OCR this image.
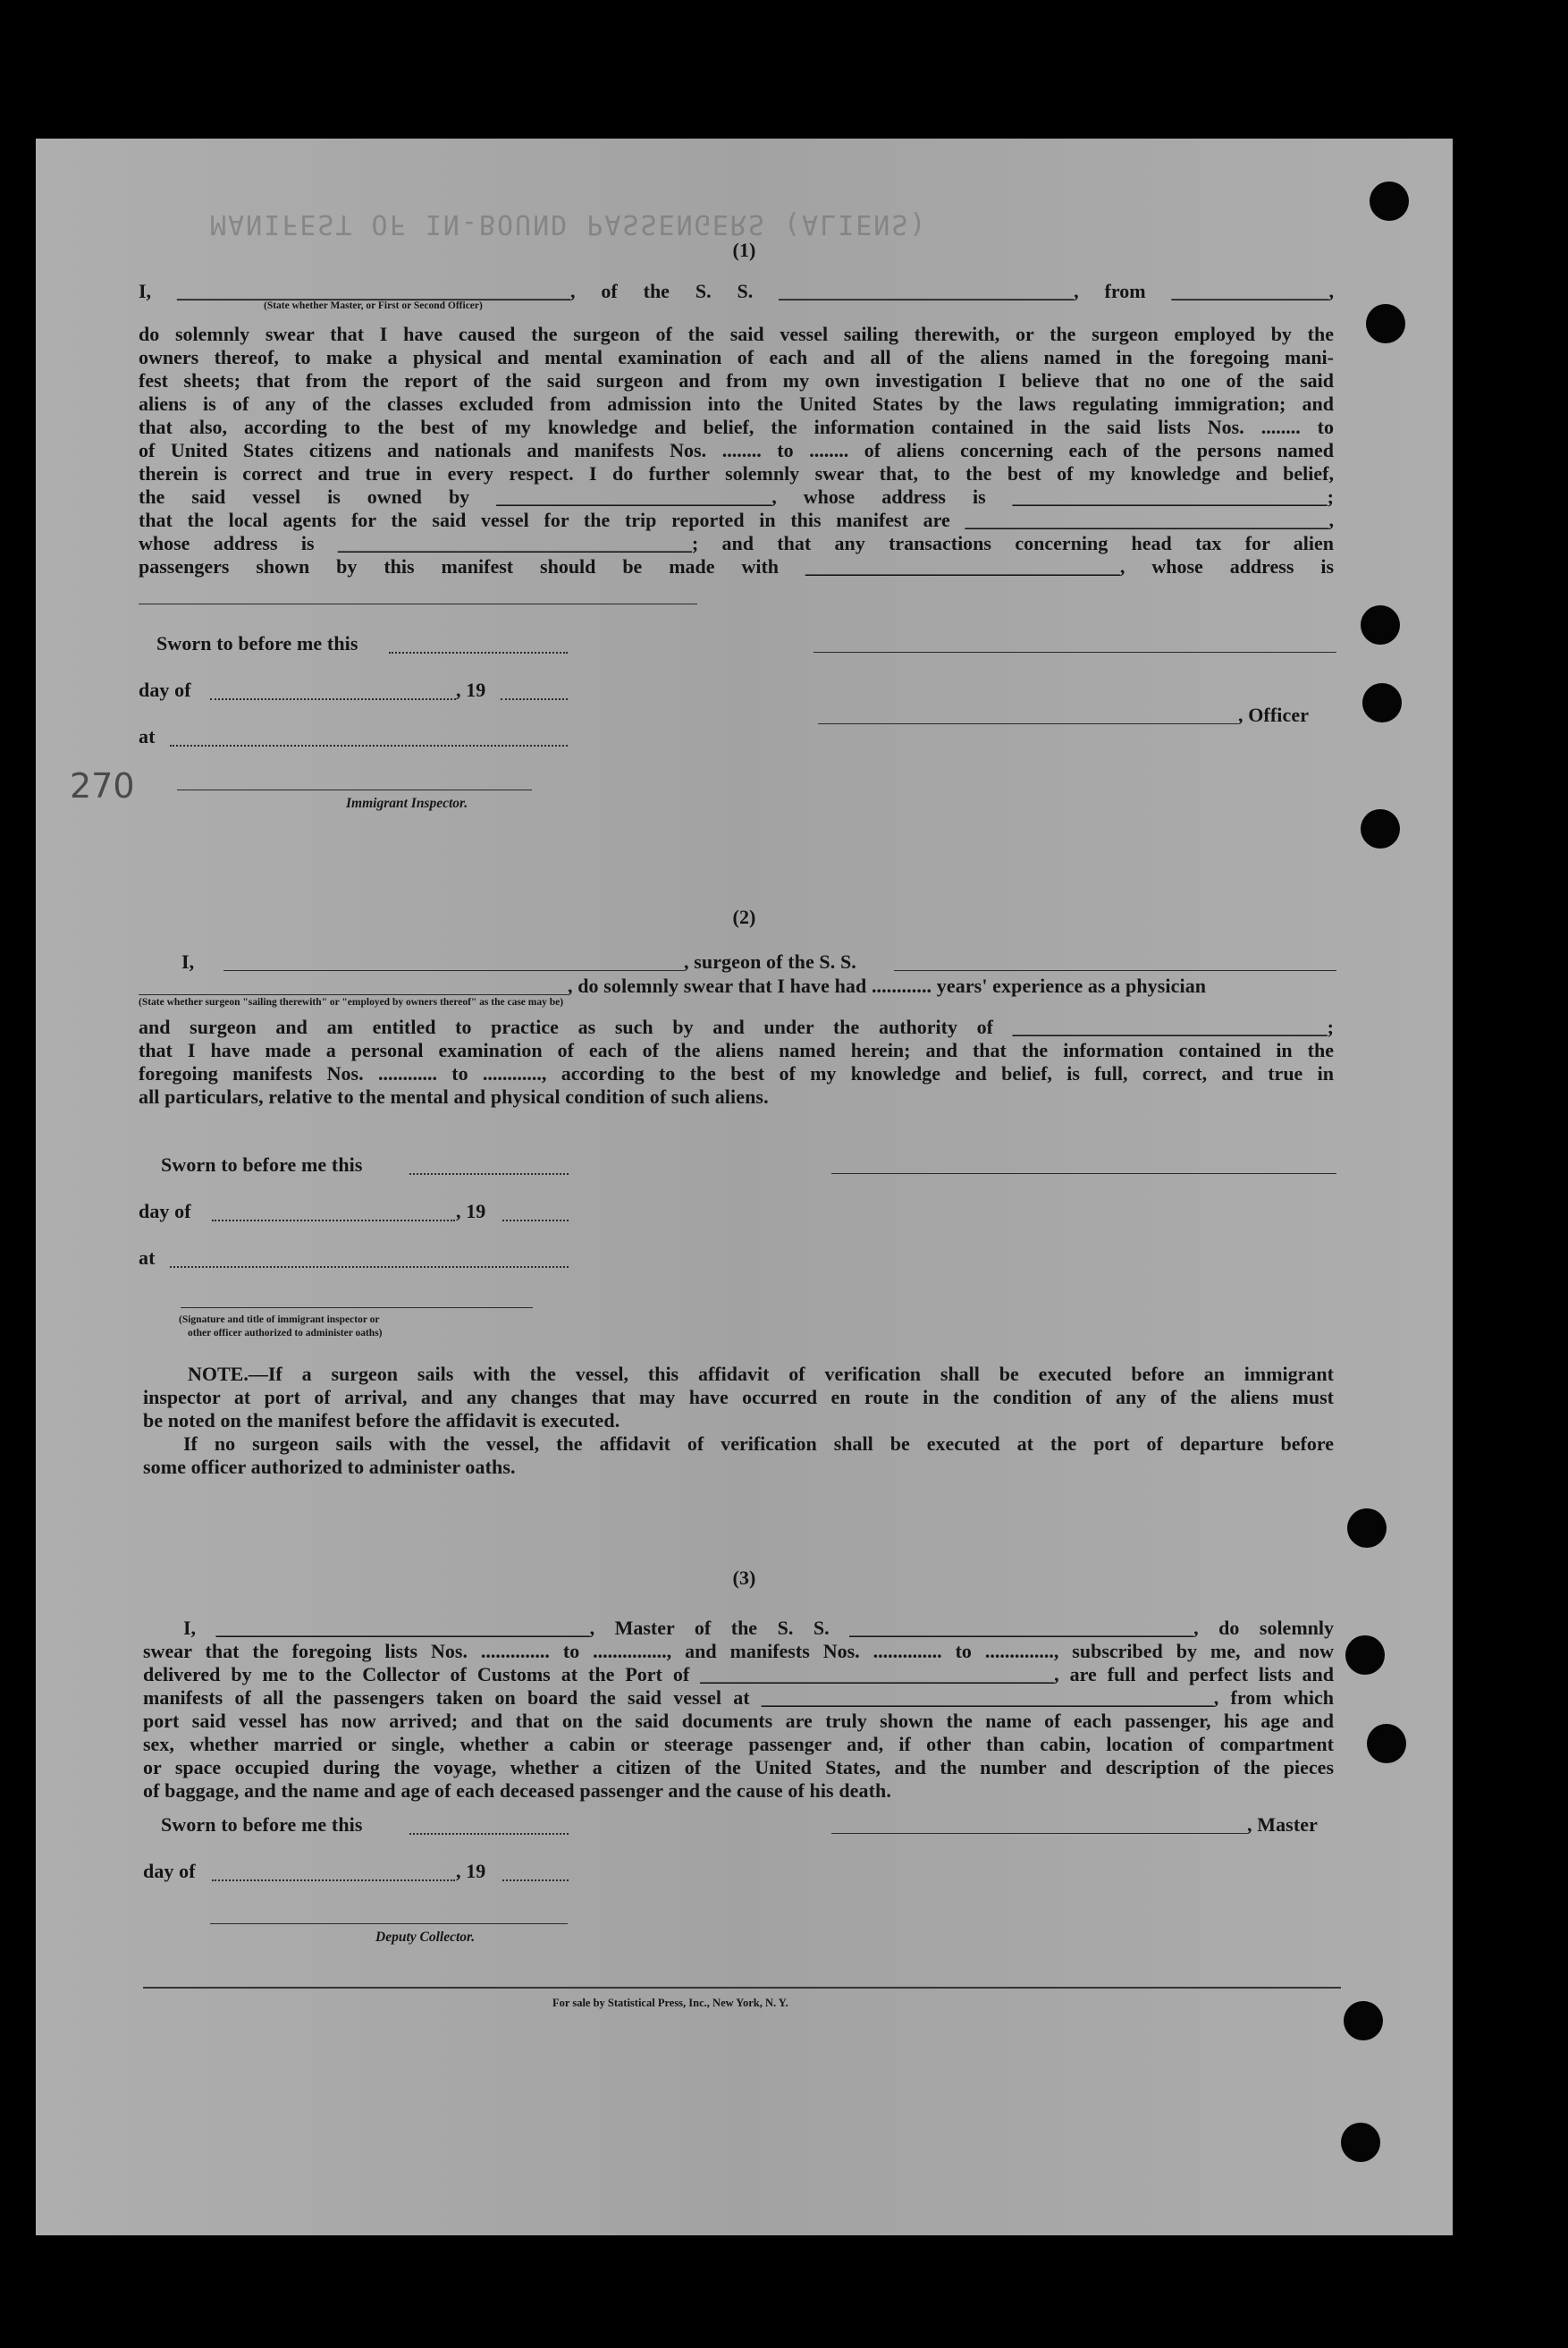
MANIFEST OF IN-BOUND PASSENGERS (ALIENS)
(1)
I, ________________________________________, of the S. S. ______________________________, from ________________,
(State whether Master, or First or Second Officer)
do solemnly swear that I have caused the surgeon of the said vessel sailing therewith, or the surgeon employed by the
owners thereof, to make a physical and mental examination of each and all of the aliens named in the foregoing mani-
fest sheets; that from the report of the said surgeon and from my own investigation I believe that no one of the said
aliens is of any of the classes excluded from admission into the United States by the laws regulating immigration; and
that also, according to the best of my knowledge and belief, the information contained in the said lists Nos. ........ to
of United States citizens and nationals and manifests Nos. ........ to ........ of aliens concerning each of the persons named
therein is correct and true in every respect. I do further solemnly swear that, to the best of my knowledge and belief,
the said vessel is owned by ____________________________, whose address is ________________________________;
that the local agents for the said vessel for the trip reported in this manifest are _____________________________________,
whose address is ____________________________________; and that any transactions concerning head tax for alien
passengers shown by this manifest should be made with ________________________________, whose address is
Sworn to before me this
day of	, 19
, Officer
at
270	Immigrant Inspector.
(2)
I,	, surgeon of the S. S.
, do solemnly swear that I have had ............ years' experience as a physician
(State whether surgeon "sailing therewith" or "employed by owners thereof" as the case may be)
and surgeon and am entitled to practice as such by and under the authority of ________________________________;
that I have made a personal examination of each of the aliens named herein; and that the information contained in the
foregoing manifests Nos. ............ to ............, according to the best of my knowledge and belief, is full, correct, and true in
all particulars, relative to the mental and physical condition of such aliens.
Sworn to before me this
day of	, 19
at
(Signature and title of immigrant inspector or
other officer authorized to administer oaths)
NOTE.—If a surgeon sails with the vessel, this affidavit of verification shall be executed before an immigrant
inspector at port of arrival, and any changes that may have occurred en route in the condition of any of the aliens must
be noted on the manifest before the affidavit is executed.
If no surgeon sails with the vessel, the affidavit of verification shall be executed at the port of departure before
some officer authorized to administer oaths.
(3)
I, ______________________________________, Master of the S. S. ___________________________________, do solemnly
swear that the foregoing lists Nos. .............. to ..............., and manifests Nos. .............. to .............., subscribed by me, and now
delivered by me to the Collector of Customs at the Port of ____________________________________, are full and perfect lists and
manifests of all the passengers taken on board the said vessel at ______________________________________________, from which
port said vessel has now arrived; and that on the said documents are truly shown the name of each passenger, his age and
sex, whether married or single, whether a cabin or steerage passenger and, if other than cabin, location of compartment
or space occupied during the voyage, whether a citizen of the United States, and the number and description of the pieces
of baggage, and the name and age of each deceased passenger and the cause of his death.
Sworn to before me this	, Master
day of	, 19
Deputy Collector.
For sale by Statistical Press, Inc., New York, N. Y.
